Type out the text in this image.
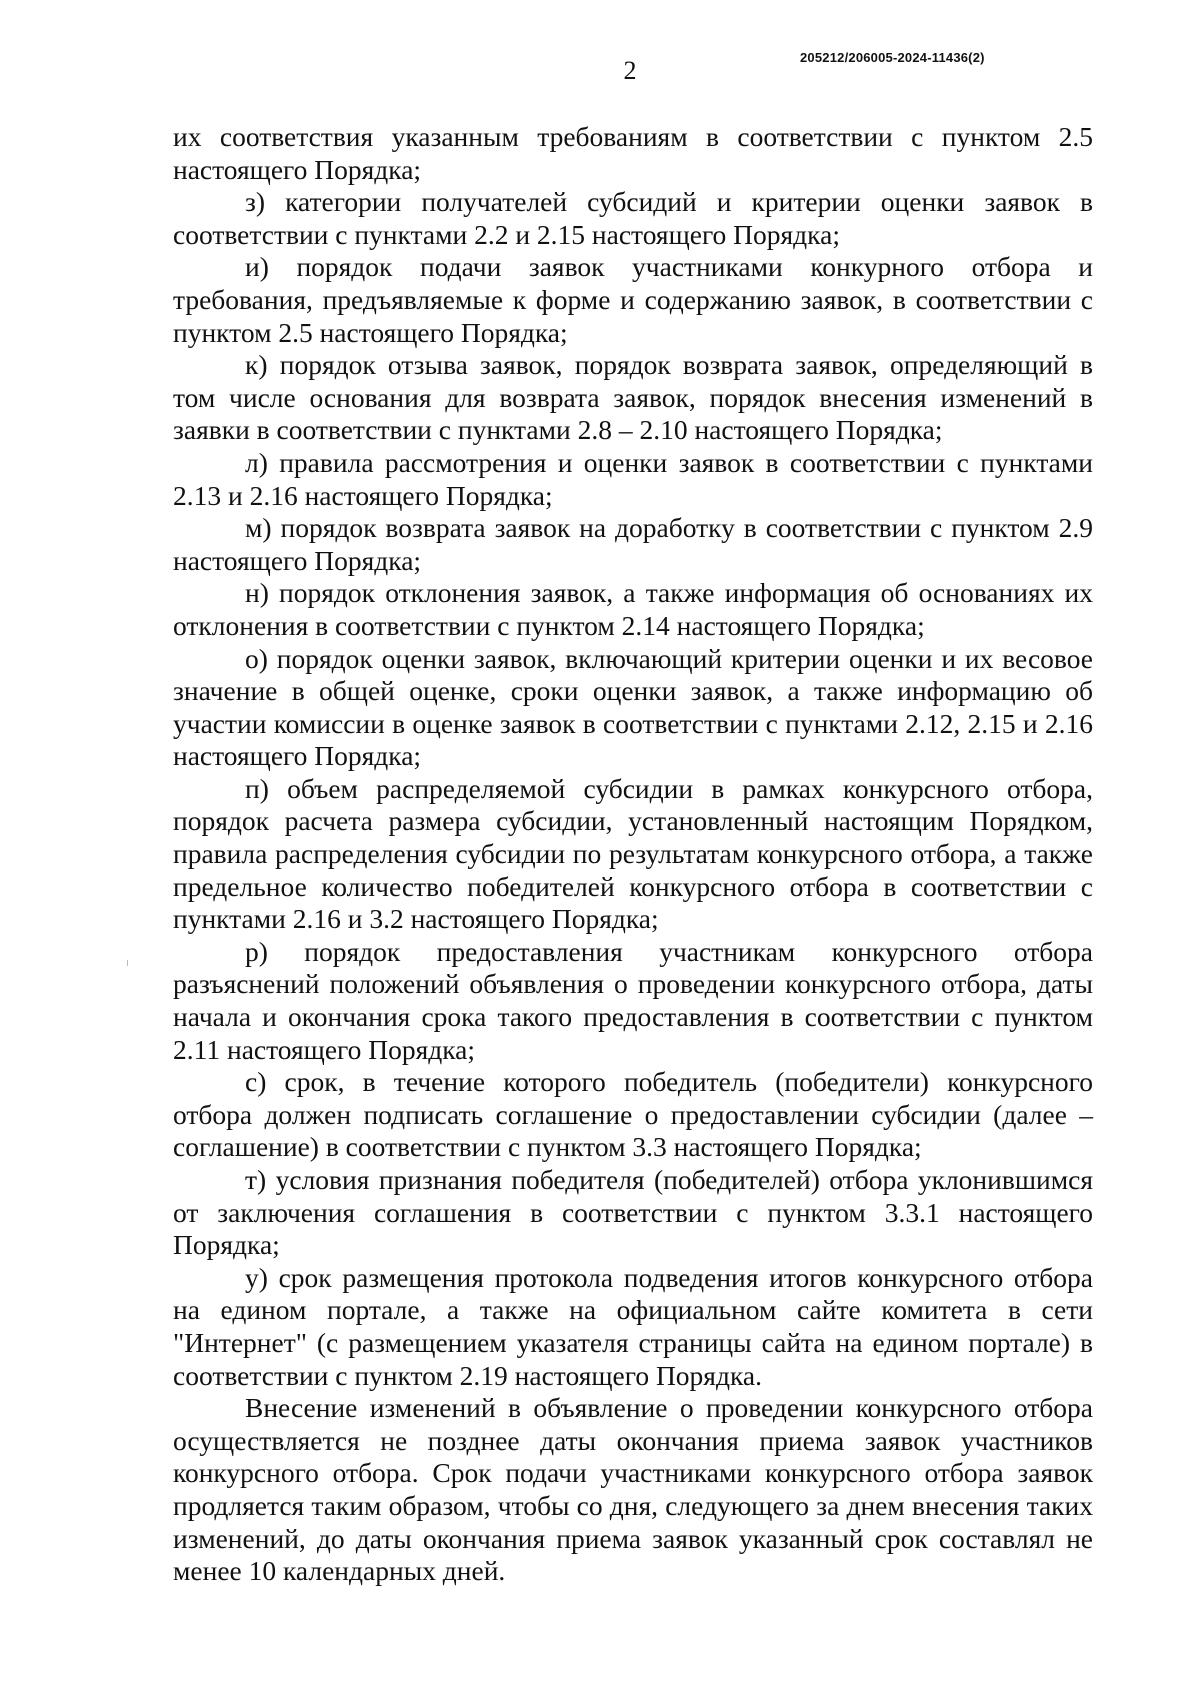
2	205212/206005-2024-11436(2)

их соответствия указанным требованиям в соответствии с пунктом 2.5 настоящего Порядка;

з) категории получателей субсидий и критерии оценки заявок в соответствии с пунктами 2.2 и 2.15 настоящего Порядка;

и) порядок подачи заявок участниками конкурного отбора и требования, предъявляемые к форме и содержанию заявок, в соответствии с пунктом 2.5 настоящего Порядка;

к) порядок отзыва заявок, порядок возврата заявок, определяющий в том числе основания для возврата заявок, порядок внесения изменений в заявки в соответствии с пунктами 2.8 – 2.10 настоящего Порядка;

л) правила рассмотрения и оценки заявок в соответствии с пунктами 2.13 и 2.16 настоящего Порядка;

м) порядок возврата заявок на доработку в соответствии с пунктом 2.9 настоящего Порядка;

н) порядок отклонения заявок, а также информация об основаниях их отклонения в соответствии с пунктом 2.14 настоящего Порядка;

о) порядок оценки заявок, включающий критерии оценки и их весовое значение в общей оценке, сроки оценки заявок, а также информацию об участии комиссии в оценке заявок в соответствии с пунктами 2.12, 2.15 и 2.16 настоящего Порядка;

п) объем распределяемой субсидии в рамках конкурсного отбора, порядок расчета размера субсидии, установленный настоящим Порядком, правила распределения субсидии по результатам конкурсного отбора, а также предельное количество победителей конкурсного отбора в соответствии с пунктами 2.16 и 3.2 настоящего Порядка;

р) порядок предоставления участникам конкурсного отбора разъяснений положений объявления о проведении конкурсного отбора, даты начала и окончания срока такого предоставления в соответствии с пунктом 2.11 настоящего Порядка;

с) срок, в течение которого победитель (победители) конкурсного отбора должен подписать соглашение о предоставлении субсидии (далее – соглашение) в соответствии с пунктом 3.3 настоящего Порядка;

т) условия признания победителя (победителей) отбора уклонившимся от заключения соглашения в соответствии с пунктом 3.3.1 настоящего Порядка;

у) срок размещения протокола подведения итогов конкурсного отбора на едином портале, а также на официальном сайте комитета в сети "Интернет" (с размещением указателя страницы сайта на едином портале) в соответствии с пунктом 2.19 настоящего Порядка.

Внесение изменений в объявление о проведении конкурсного отбора осуществляется не позднее даты окончания приема заявок участников конкурсного отбора. Срок подачи участниками конкурсного отбора заявок продляется таким образом, чтобы со дня, следующего за днем внесения таких изменений, до даты окончания приема заявок указанный срок составлял не менее 10 календарных дней.
